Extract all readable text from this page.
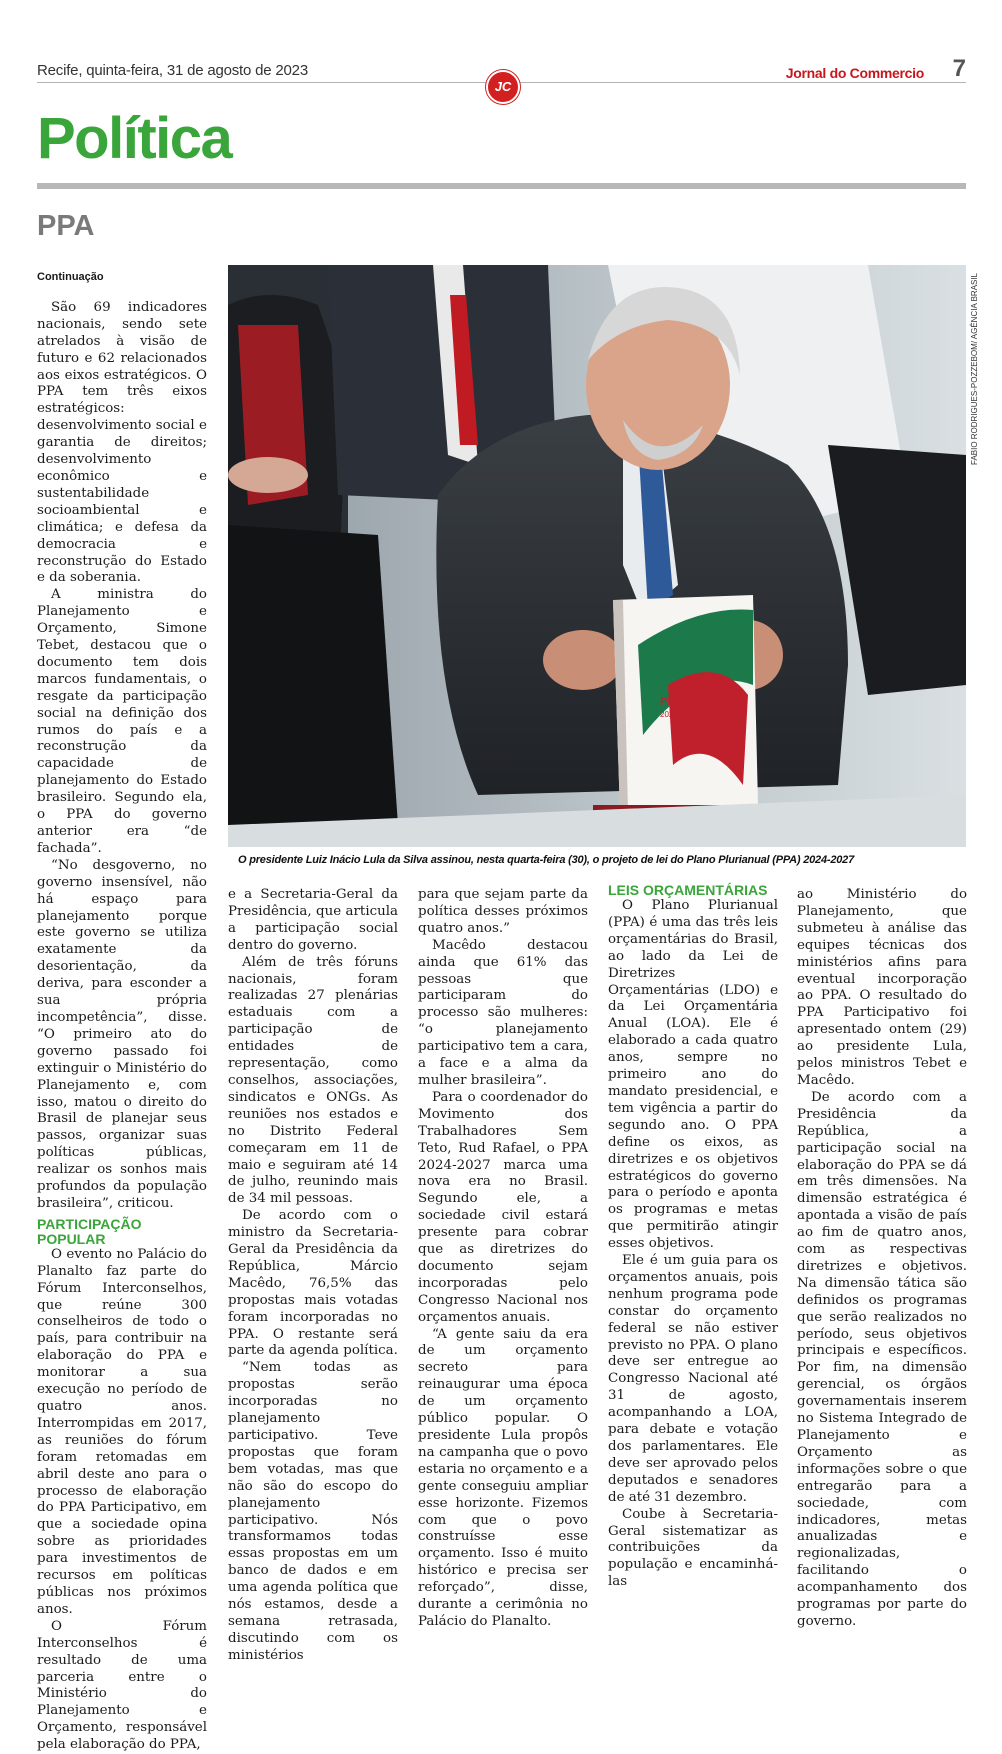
Recife, quinta-feira, 31 de agosto de 2023
JC
Jornal do Commercio 7
Política
PPA
Plano Plurianual
2024-2027
FABIO RODRIGUES-POZZEBOM/ AGÊNCIA BRASIL
O presidente Luiz Inácio Lula da Silva assinou, nesta quarta-feira (30), o projeto de lei do Plano Plurianual (PPA) 2024-2027

Continuação

São 69 indicadores nacionais, sendo sete atrelados à visão de futuro e 62 relacionados aos eixos estratégicos. O PPA tem três eixos estratégicos: desenvolvimento social e garantia de direitos; desenvolvimento econômico e sustentabilidade socioambiental e climática; e defesa da democracia e reconstrução do Estado e da soberania.

A ministra do Planejamento e Orçamento, Simone Tebet, destacou que o documento tem dois marcos fundamentais, o resgate da participação social na definição dos rumos do país e a reconstrução da capacidade de planejamento do Estado brasileiro. Segundo ela, o PPA do governo anterior era “de fachada”.

“No desgoverno, no governo insensível, não há espaço para planejamento porque este governo se utiliza exatamente da desorientação, da deriva, para esconder a sua própria incompetência”, disse. “O primeiro ato do governo passado foi extinguir o Ministério do Planejamento e, com isso, matou o direito do Brasil de planejar seus passos, organizar suas políticas públicas, realizar os sonhos mais profundos da população brasileira”, criticou.

PARTICIPAÇÃO POPULAR

O evento no Palácio do Planalto faz parte do Fórum Interconselhos, que reúne 300 conselheiros de todo o país, para contribuir na elaboração do PPA e monitorar a sua execução no período de quatro anos. Interrompidas em 2017, as reuniões do fórum foram retomadas em abril deste ano para o processo de elaboração do PPA Participativo, em que a sociedade opina sobre as prioridades para investimentos de recursos em políticas públicas nos próximos anos.

O Fórum Interconselhos é resultado de uma parceria entre o Ministério do Planejamento e Orçamento, responsável pela elaboração do PPA,

e a Secretaria-Geral da Presidência, que articula a participação social dentro do governo.

Além de três fóruns nacionais, foram realizadas 27 plenárias estaduais com a participação de entidades de representação, como conselhos, associações, sindicatos e ONGs. As reuniões nos estados e no Distrito Federal começaram em 11 de maio e seguiram até 14 de julho, reunindo mais de 34 mil pessoas.

De acordo com o ministro da Secretaria-Geral da Presidência da República, Márcio Macêdo, 76,5% das propostas mais votadas foram incorporadas no PPA. O restante será parte da agenda política.

“Nem todas as propostas serão incorporadas no planejamento participativo. Teve propostas que foram bem votadas, mas que não são do escopo do planejamento participativo. Nós transformamos todas essas propostas em um banco de dados e em uma agenda política que nós estamos, desde a semana retrasada, discutindo com os ministérios

para que sejam parte da política desses próximos quatro anos.”

Macêdo destacou ainda que 61% das pessoas que participaram do processo são mulheres: “o planejamento participativo tem a cara, a face e a alma da mulher brasileira”.

Para o coordenador do Movimento dos Trabalhadores Sem Teto, Rud Rafael, o PPA 2024-2027 marca uma nova era no Brasil. Segundo ele, a sociedade civil estará presente para cobrar que as diretrizes do documento sejam incorporadas pelo Congresso Nacional nos orçamentos anuais.

“A gente saiu da era de um orçamento secreto para reinaugurar uma época de um orçamento público popular. O presidente Lula propôs na campanha que o povo estaria no orçamento e a gente conseguiu ampliar esse horizonte. Fizemos com que o povo construísse esse orçamento. Isso é muito histórico e precisa ser reforçado”, disse, durante a cerimônia no Palácio do Planalto.

LEIS ORÇAMENTÁRIAS

O Plano Plurianual (PPA) é uma das três leis orçamentárias do Brasil, ao lado da Lei de Diretrizes Orçamentárias (LDO) e da Lei Orçamentária Anual (LOA). Ele é elaborado a cada quatro anos, sempre no primeiro ano do mandato presidencial, e tem vigência a partir do segundo ano. O PPA define os eixos, as diretrizes e os objetivos estratégicos do governo para o período e aponta os programas e metas que permitirão atingir esses objetivos.

Ele é um guia para os orçamentos anuais, pois nenhum programa pode constar do orçamento federal se não estiver previsto no PPA. O plano deve ser entregue ao Congresso Nacional até 31 de agosto, acompanhando a LOA, para debate e votação dos parlamentares. Ele deve ser aprovado pelos deputados e senadores de até 31 dezembro.

Coube à Secretaria-Geral sistematizar as contribuições da população e encaminhá-las

ao Ministério do Planejamento, que submeteu à análise das equipes técnicas dos ministérios afins para eventual incorporação ao PPA. O resultado do PPA Participativo foi apresentado ontem (29) ao presidente Lula, pelos ministros Tebet e Macêdo.

De acordo com a Presidência da República, a participação social na elaboração do PPA se dá em três dimensões. Na dimensão estratégica é apontada a visão de país ao fim de quatro anos, com as respectivas diretrizes e objetivos. Na dimensão tática são definidos os programas que serão realizados no período, seus objetivos principais e específicos. Por fim, na dimensão gerencial, os órgãos governamentais inserem no Sistema Integrado de Planejamento e Orçamento as informações sobre o que entregarão para a sociedade, com indicadores, metas anualizadas e regionalizadas, facilitando o acompanhamento dos programas por parte do governo.
